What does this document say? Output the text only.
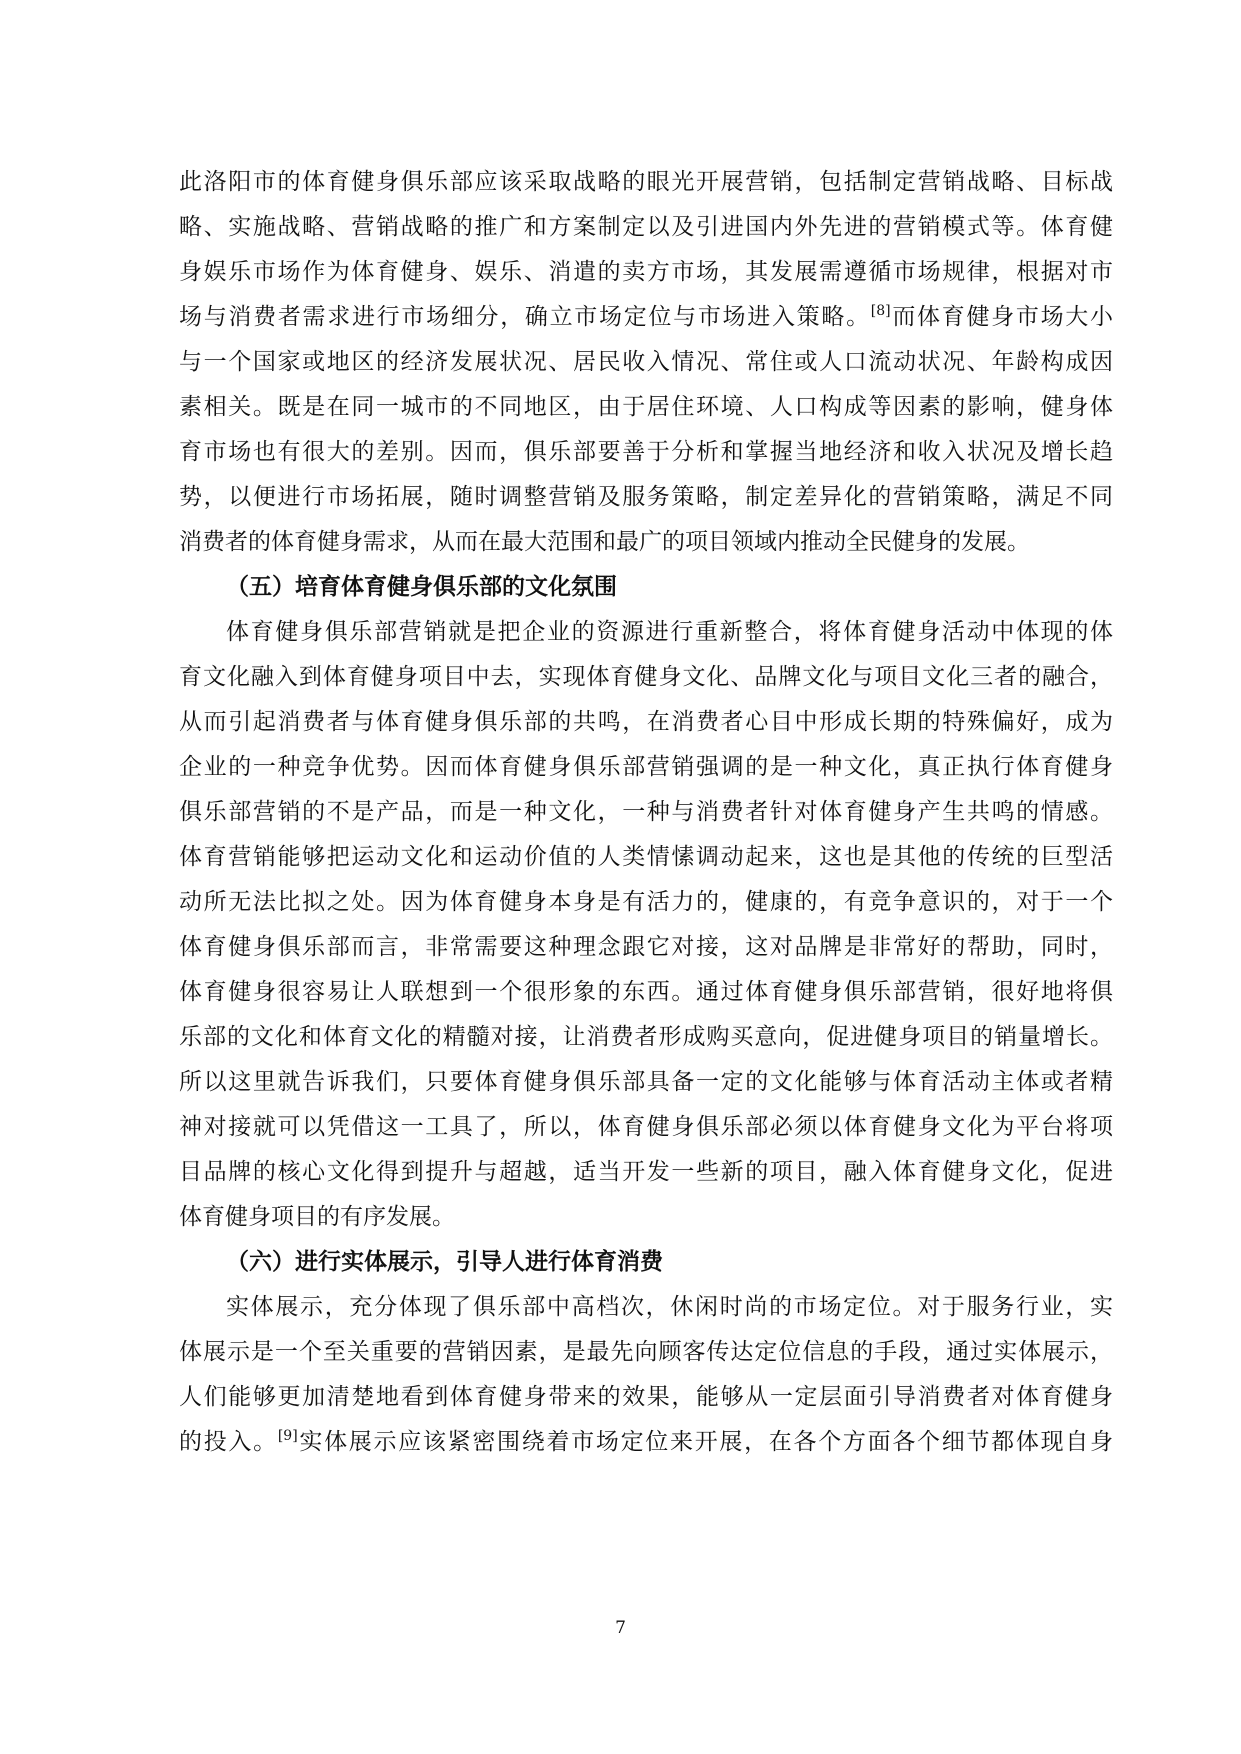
此洛阳市的体育健身俱乐部应该采取战略的眼光开展营销，包括制定营销战略、目标战
略、实施战略、营销战略的推广和方案制定以及引进国内外先进的营销模式等。体育健
身娱乐市场作为体育健身、娱乐、消遣的卖方市场，其发展需遵循市场规律，根据对市
场与消费者需求进行市场细分，确立市场定位与市场进入策略。[8]而体育健身市场大小
与一个国家或地区的经济发展状况、居民收入情况、常住或人口流动状况、年龄构成因
素相关。既是在同一城市的不同地区，由于居住环境、人口构成等因素的影响，健身体
育市场也有很大的差别。因而，俱乐部要善于分析和掌握当地经济和收入状况及增长趋
势，以便进行市场拓展，随时调整营销及服务策略，制定差异化的营销策略，满足不同
消费者的体育健身需求，从而在最大范围和最广的项目领域内推动全民健身的发展。
（五）培育体育健身俱乐部的文化氛围
体育健身俱乐部营销就是把企业的资源进行重新整合，将体育健身活动中体现的体
育文化融入到体育健身项目中去，实现体育健身文化、品牌文化与项目文化三者的融合，
从而引起消费者与体育健身俱乐部的共鸣，在消费者心目中形成长期的特殊偏好，成为
企业的一种竞争优势。因而体育健身俱乐部营销强调的是一种文化，真正执行体育健身
俱乐部营销的不是产品，而是一种文化，一种与消费者针对体育健身产生共鸣的情感。
体育营销能够把运动文化和运动价值的人类情愫调动起来，这也是其他的传统的巨型活
动所无法比拟之处。因为体育健身本身是有活力的，健康的，有竞争意识的，对于一个
体育健身俱乐部而言，非常需要这种理念跟它对接，这对品牌是非常好的帮助，同时，
体育健身很容易让人联想到一个很形象的东西。通过体育健身俱乐部营销，很好地将俱
乐部的文化和体育文化的精髓对接，让消费者形成购买意向，促进健身项目的销量增长。
所以这里就告诉我们，只要体育健身俱乐部具备一定的文化能够与体育活动主体或者精
神对接就可以凭借这一工具了，所以，体育健身俱乐部必须以体育健身文化为平台将项
目品牌的核心文化得到提升与超越，适当开发一些新的项目，融入体育健身文化，促进
体育健身项目的有序发展。
（六）进行实体展示，引导人进行体育消费
实体展示，充分体现了俱乐部中高档次，休闲时尚的市场定位。对于服务行业，实
体展示是一个至关重要的营销因素，是最先向顾客传达定位信息的手段，通过实体展示，
人们能够更加清楚地看到体育健身带来的效果，能够从一定层面引导消费者对体育健身
的投入。[9]实体展示应该紧密围绕着市场定位来开展，在各个方面各个细节都体现自身
7
